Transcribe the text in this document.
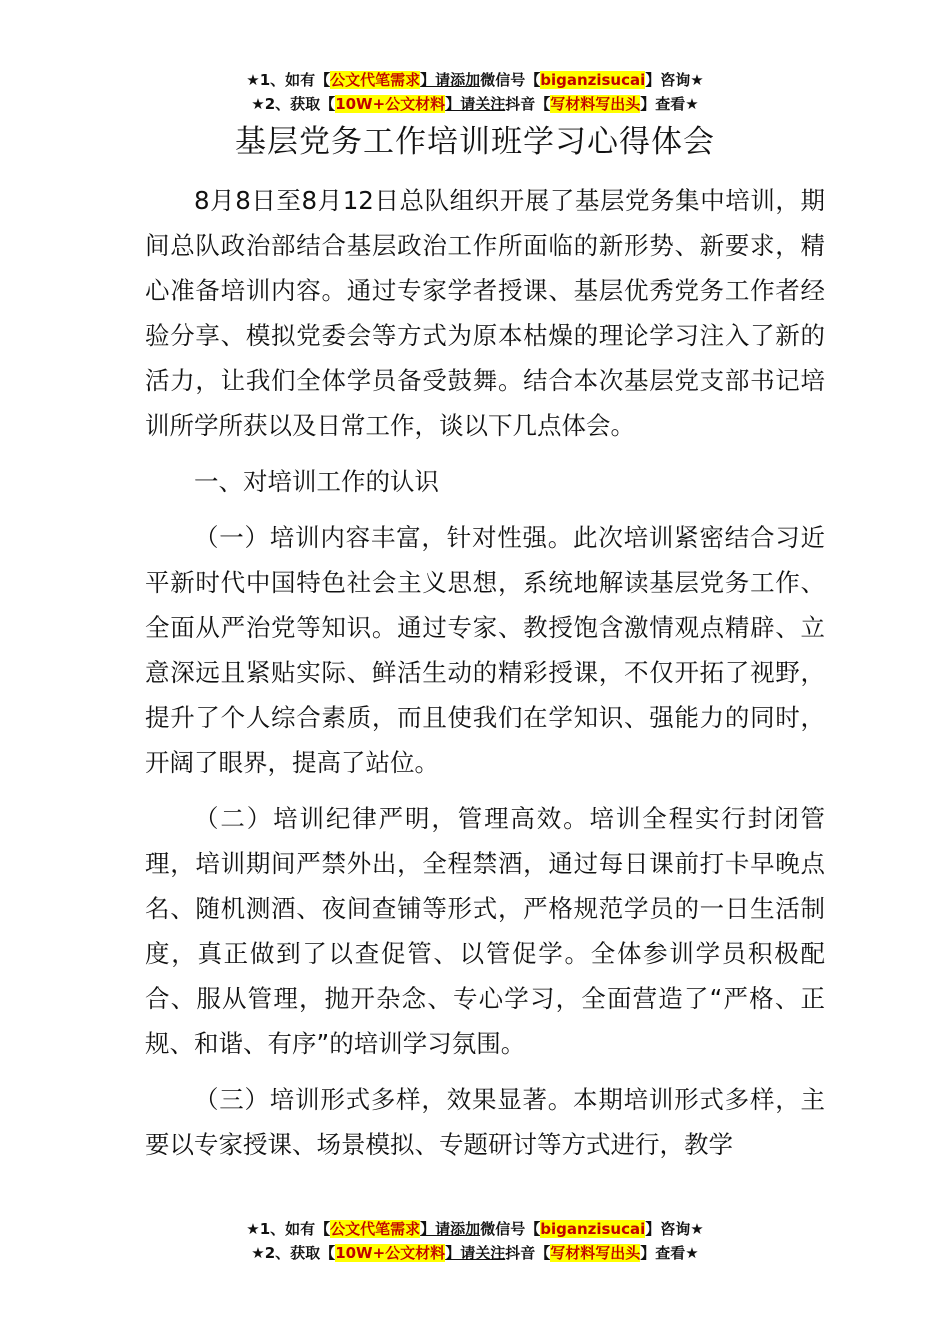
★1、如有【公文代笔需求】请添加微信号【biganzisucai】咨询★
★2、获取【10W+公文材料】请关注抖音【写材料写出头】查看★
基层党务工作培训班学习心得体会

8月8日至8月12日总队组织开展了基层党务集中培训，期间总队政治部结合基层政治工作所面临的新形势、新要求，精心准备培训内容。通过专家学者授课、基层优秀党务工作者经验分享、模拟党委会等方式为原本枯燥的理论学习注入了新的活力，让我们全体学员备受鼓舞。结合本次基层党支部书记培训所学所获以及日常工作，谈以下几点体会。

一、对培训工作的认识

（一）培训内容丰富，针对性强。此次培训紧密结合习近平新时代中国特色社会主义思想，系统地解读基层党务工作、全面从严治党等知识。通过专家、教授饱含激情观点精辟、立意深远且紧贴实际、鲜活生动的精彩授课，不仅开拓了视野，提升了个人综合素质，而且使我们在学知识、强能力的同时，开阔了眼界，提高了站位。

（二）培训纪律严明，管理高效。培训全程实行封闭管理，培训期间严禁外出，全程禁酒，通过每日课前打卡早晚点名、随机测酒、夜间查铺等形式，严格规范学员的一日生活制度，真正做到了以查促管、以管促学。全体参训学员积极配合、服从管理，抛开杂念、专心学习，全面营造了“严格、正规、和谐、有序”的培训学习氛围。

（三）培训形式多样，效果显著。本期培训形式多样，主要以专家授课、场景模拟、专题研讨等方式进行，教学

★1、如有【公文代笔需求】请添加微信号【biganzisucai】咨询★
★2、获取【10W+公文材料】请关注抖音【写材料写出头】查看★
